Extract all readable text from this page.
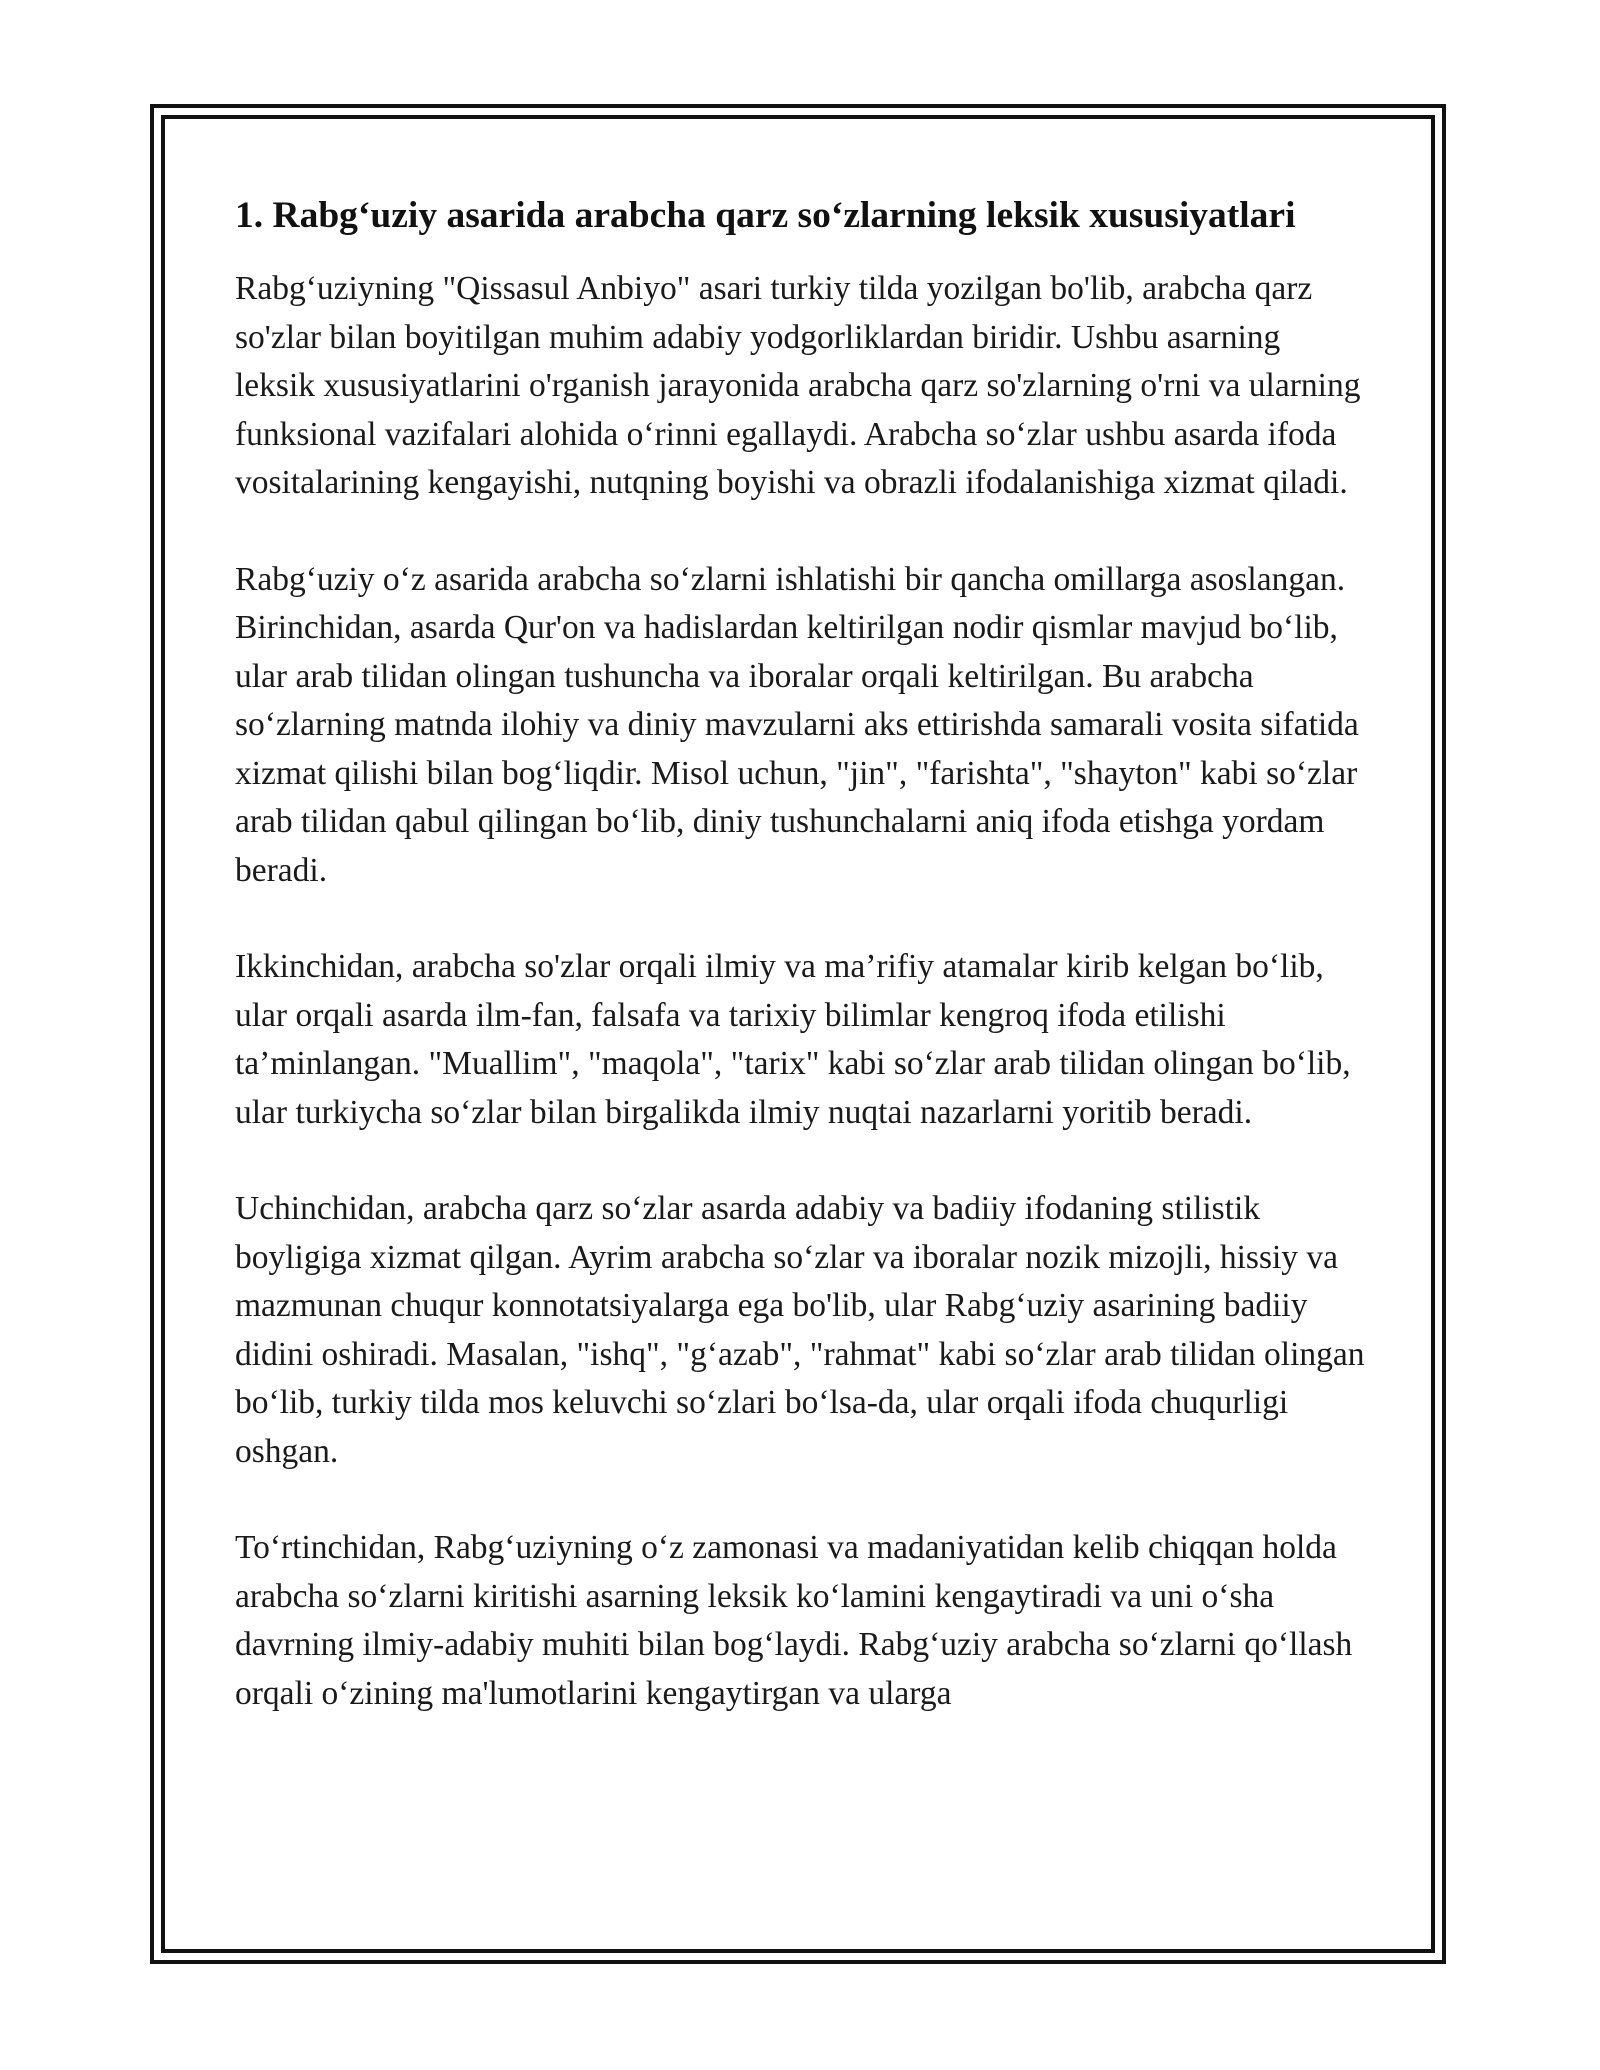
1. Rabg‘uziy asarida arabcha qarz so‘zlarning leksik xususiyatlari

Rabg‘uziyning "Qissasul Anbiyo" asari turkiy tilda yozilgan bo'lib, arabcha qarz so'zlar bilan boyitilgan muhim adabiy yodgorliklardan biridir. Ushbu asarning leksik xususiyatlarini o'rganish jarayonida arabcha qarz so'zlarning o'rni va ularning funksional vazifalari alohida o‘rinni egallaydi. Arabcha so‘zlar ushbu asarda ifoda vositalarining kengayishi, nutqning boyishi va obrazli ifodalanishiga xizmat qiladi.

Rabg‘uziy o‘z asarida arabcha so‘zlarni ishlatishi bir qancha omillarga asoslangan. Birinchidan, asarda Qur'on va hadislardan keltirilgan nodir qismlar mavjud bo‘lib, ular arab tilidan olingan tushuncha va iboralar orqali keltirilgan. Bu arabcha so‘zlarning matnda ilohiy va diniy mavzularni aks ettirishda samarali vosita sifatida xizmat qilishi bilan bog‘liqdir. Misol uchun, "jin", "farishta", "shayton" kabi so‘zlar arab tilidan qabul qilingan bo‘lib, diniy tushunchalarni aniq ifoda etishga yordam beradi.

Ikkinchidan, arabcha so'zlar orqali ilmiy va ma’rifiy atamalar kirib kelgan bo‘lib, ular orqali asarda ilm-fan, falsafa va tarixiy bilimlar kengroq ifoda etilishi ta’minlangan. "Muallim", "maqola", "tarix" kabi so‘zlar arab tilidan olingan bo‘lib, ular turkiycha so‘zlar bilan birgalikda ilmiy nuqtai nazarlarni yoritib beradi.

Uchinchidan, arabcha qarz so‘zlar asarda adabiy va badiiy ifodaning stilistik boyligiga xizmat qilgan. Ayrim arabcha so‘zlar va iboralar nozik mizojli, hissiy va mazmunan chuqur konnotatsiyalarga ega bo'lib, ular Rabg‘uziy asarining badiiy didini oshiradi. Masalan, "ishq", "g‘azab", "rahmat" kabi so‘zlar arab tilidan olingan bo‘lib, turkiy tilda mos keluvchi so‘zlari bo‘lsa-da, ular orqali ifoda chuqurligi oshgan.

To‘rtinchidan, Rabg‘uziyning o‘z zamonasi va madaniyatidan kelib chiqqan holda arabcha so‘zlarni kiritishi asarning leksik ko‘lamini kengaytiradi va uni o‘sha davrning ilmiy-adabiy muhiti bilan bog‘laydi. Rabg‘uziy arabcha so‘zlarni qo‘llash orqali o‘zining ma'lumotlarini kengaytirgan va ularga
